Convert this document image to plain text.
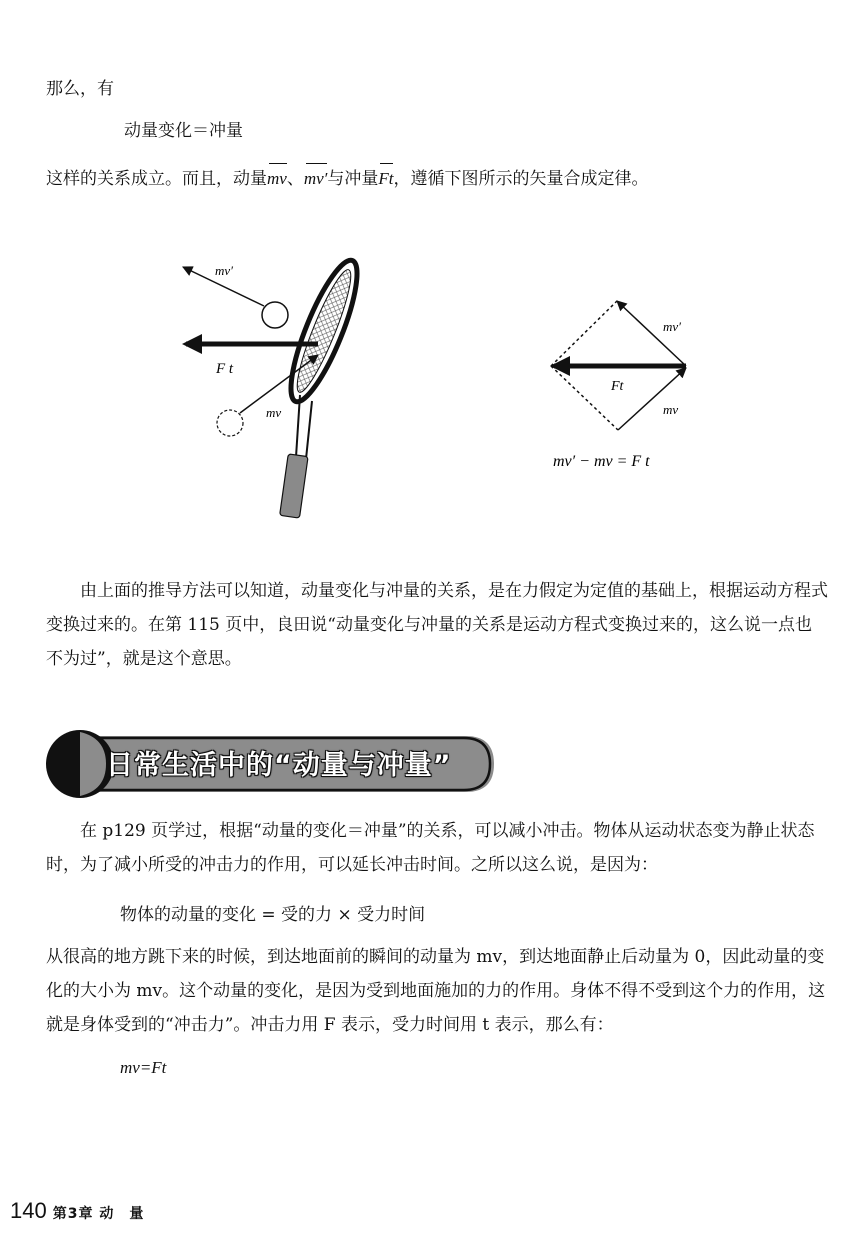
那么，有

动量变化＝冲量

这样的关系成立。而且，动量mv、mv′与冲量Ft，遵循下图所示的矢量合成定律。

mv′
F t
mv
mv′
Ft
mv
mv′ − mv = F t

由上面的推导方法可以知道，动量变化与冲量的关系，是在力假定为定值的基础上，根据运动方程式变换过来的。在第 115 页中，良田说“动量变化与冲量的关系是运动方程式变换过来的，这么说一点也不为过”，就是这个意思。

日常生活中的“动量与冲量”

在 p129 页学过，根据“动量的变化＝冲量”的关系，可以减小冲击。物体从运动状态变为静止状态时，为了减小所受的冲击力的作用，可以延长冲击时间。之所以这么说，是因为：

物体的动量的变化 = 受的力 × 受力时间

从很高的地方跳下来的时候，到达地面前的瞬间的动量为 mv，到达地面静止后动量为 0，因此动量的变化的大小为 mv。这个动量的变化，是因为受到地面施加的力的作用。身体不得不受到这个力的作用，这就是身体受到的“冲击力”。冲击力用 F 表示，受力时间用 t 表示，那么有：

mv=Ft

140 第3章 动　量
